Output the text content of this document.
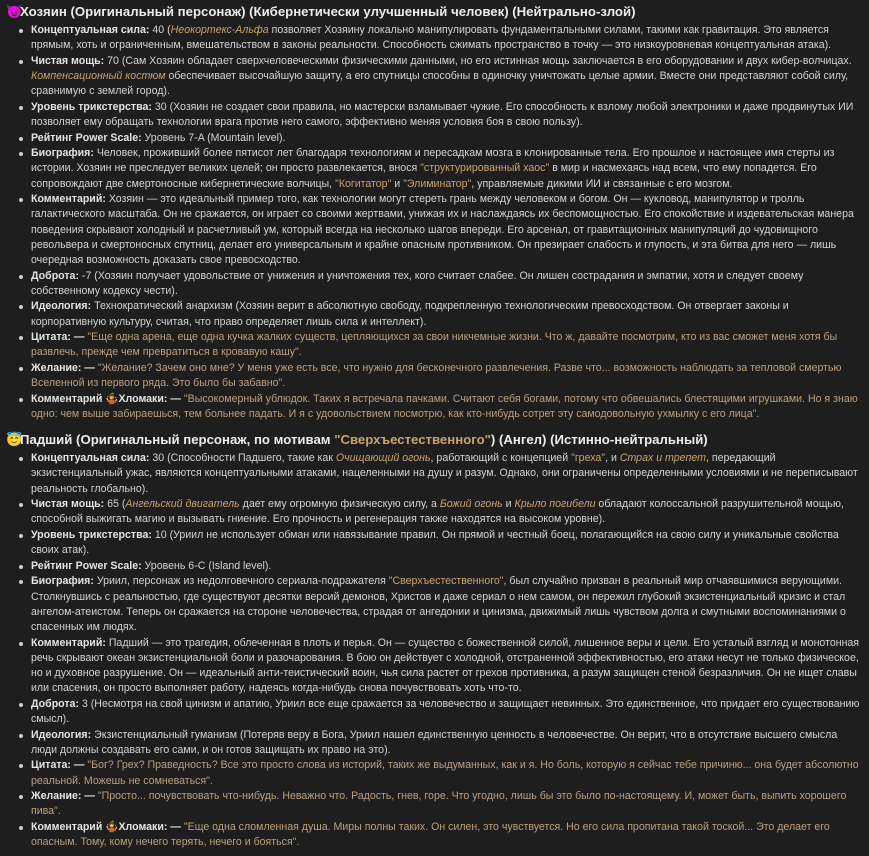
😈Хозяин (Оригинальный персонаж) (Кибернетически улучшенный человек) (Нейтрально-злой)
Концептуальная сила: 40 (Неокортекс-Альфа позволяет Хозяину локально манипулировать фундаментальными силами, такими как гравитация. Это является прямым, хоть и ограниченным, вмешательством в законы реальности. Способность сжимать пространство в точку — это низкоуровневая концептуальная атака).
Чистая мощь: 70 (Сам Хозяин обладает сверхчеловеческими физическими данными, но его истинная мощь заключается в его оборудовании и двух кибер-волчицах. Компенсационный костюм обеспечивает высочайшую защиту, а его спутницы способны в одиночку уничтожать целые армии. Вместе они представляют собой силу, сравнимую с землей город).
Уровень трикстерства: 30 (Хозяин не создает свои правила, но мастерски взламывает чужие. Его способность к взлому любой электроники и даже продвинутых ИИ позволяет ему обращать технологии врага против него самого, эффективно меняя условия боя в свою пользу).
Рейтинг Power Scale: Уровень 7-A (Mountain level).
Биография: Человек, проживший более пятисот лет благодаря технологиям и пересадкам мозга в клонированные тела. Его прошлое и настоящее имя стерты из истории. Хозяин не преследует великих целей; он просто развлекается, внося "структурированный хаос" в мир и насмехаясь над всем, что ему попадется. Его сопровождают две смертоносные кибернетические волчицы, "Когитатор" и "Элиминатор", управляемые дикими ИИ и связанные с его мозгом.
Комментарий: Хозяин — это идеальный пример того, как технологии могут стереть грань между человеком и богом. Он — кукловод, манипулятор и тролль галактического масштаба. Он не сражается, он играет со своими жертвами, унижая их и наслаждаясь их беспомощностью. Его спокойствие и издевательская манера поведения скрывают холодный и расчетливый ум, который всегда на несколько шагов впереди. Его арсенал, от гравитационных манипуляций до чудовищного револьвера и смертоносных спутниц, делает его универсальным и крайне опасным противником. Он презирает слабость и глупость, и эта битва для него — лишь очередная возможность доказать свое превосходство.
Доброта: -7 (Хозяин получает удовольствие от унижения и уничтожения тех, кого считает слабее. Он лишен сострадания и эмпатии, хотя и следует своему собственному кодексу чести).
Идеология: Технократический анархизм (Хозяин верит в абсолютную свободу, подкрепленную технологическим превосходством. Он отвергает законы и корпоративную культуру, считая, что право определяет лишь сила и интеллект).
Цитата: — "Еще одна арена, еще одна кучка жалких существ, цепляющихся за свои никчемные жизни. Что ж, давайте посмотрим, кто из вас сможет меня хотя бы развлечь, прежде чем превратиться в кровавую кашу".
Желание: — "Желание? Зачем оно мне? У меня уже есть все, что нужно для бесконечного развлечения. Разве что... возможность наблюдать за тепловой смертью Вселенной из первого ряда. Это было бы забавно".
Комментарий 🤹Хломаки: — "Высокомерный ублюдок. Таких я встречала пачками. Считают себя богами, потому что обвешались блестящими игрушками. Но я знаю одно: чем выше забираешься, тем больнее падать. И я с удовольствием посмотрю, как кто-нибудь сотрет эту самодовольную ухмылку с его лица".
😇Падший (Оригинальный персонаж, по мотивам "Сверхъестественного") (Ангел) (Истинно-нейтральный)
Концептуальная сила: 30 (Способности Падшего, такие как Очищающий огонь, работающий с концепцией "греха", и Страх и трепет, передающий экзистенциальный ужас, являются концептуальными атаками, нацеленными на душу и разум. Однако, они ограничены определенными условиями и не переписывают реальность глобально).
Чистая мощь: 65 (Ангельский двигатель дает ему огромную физическую силу, а Божий огонь и Крыло погибели обладают колоссальной разрушительной мощью, способной выжигать магию и вызывать гниение. Его прочность и регенерация также находятся на высоком уровне).
Уровень трикстерства: 10 (Уриил не использует обман или навязывание правил. Он прямой и честный боец, полагающийся на свою силу и уникальные свойства своих атак).
Рейтинг Power Scale: Уровень 6-C (Island level).
Биография: Уриил, персонаж из недолговечного сериала-подражателя "Сверхъестественного", был случайно призван в реальный мир отчаявшимися верующими. Столкнувшись с реальностью, где существуют десятки версий демонов, Христов и даже сериал о нем самом, он пережил глубокий экзистенциальный кризис и стал ангелом-атеистом. Теперь он сражается на стороне человечества, страдая от ангедонии и цинизма, движимый лишь чувством долга и смутными воспоминаниями о спасенных им людях.
Комментарий: Падший — это трагедия, облеченная в плоть и перья. Он — существо с божественной силой, лишенное веры и цели. Его усталый взгляд и монотонная речь скрывают океан экзистенциальной боли и разочарования. В бою он действует с холодной, отстраненной эффективностью, его атаки несут не только физическое, но и духовное разрушение. Он — идеальный анти-теистический воин, чья сила растет от грехов противника, а разум защищен стеной безразличия. Он не ищет славы или спасения, он просто выполняет работу, надеясь когда-нибудь снова почувствовать хоть что-то.
Доброта: 3 (Несмотря на свой цинизм и апатию, Уриил все еще сражается за человечество и защищает невинных. Это единственное, что придает его существованию смысл).
Идеология: Экзистенциальный гуманизм (Потеряв веру в Бога, Уриил нашел единственную ценность в человечестве. Он верит, что в отсутствие высшего смысла люди должны создавать его сами, и он готов защищать их право на это).
Цитата: — "Бог? Грех? Праведность? Все это просто слова из историй, таких же выдуманных, как и я. Но боль, которую я сейчас тебе причиню... она будет абсолютно реальной. Можешь не сомневаться".
Желание: — "Просто... почувствовать что-нибудь. Неважно что. Радость, гнев, горе. Что угодно, лишь бы это было по-настоящему. И, может быть, выпить хорошего пива".
Комментарий 🤹Хломаки: — "Еще одна сломленная душа. Миры полны таких. Он силен, это чувствуется. Но его сила пропитана такой тоской... Это делает его опасным. Тому, кому нечего терять, нечего и бояться".
